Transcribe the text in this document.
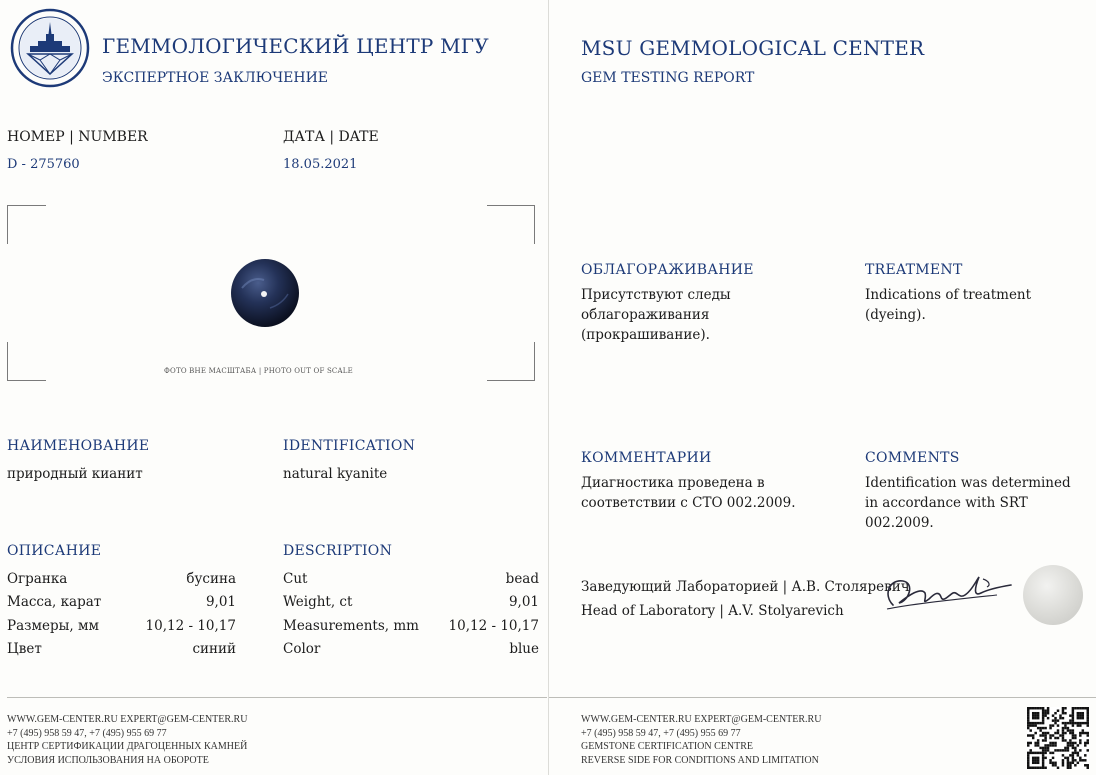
ГЕММОЛОГИЧЕСКИЙ ЦЕНТР МГУ
ЭКСПЕРТНОЕ ЗАКЛЮЧЕНИЕ
НОМЕР | NUMBER
D - 275760
ДАТА | DATE
18.05.2021
ФОТО ВНЕ МАСШТАБА | PHOTO OUT OF SCALE
НАИМЕНОВАНИЕ
природный кианит
IDENTIFICATION
natural kyanite
ОПИСАНИЕ	DESCRIPTION
Огранка	бусина
Масса, карат	9,01
Размеры, мм	10,12 - 10,17
Цвет	синий
Cut	bead
Weight, ct	9,01
Measurements, mm	10,12 - 10,17
Color	blue
WWW.GEM-CENTER.RU EXPERT@GEM-CENTER.RU
+7 (495) 958 59 47, +7 (495) 955 69 77
ЦЕНТР СЕРТИФИКАЦИИ ДРАГОЦЕННЫХ КАМНЕЙ
УСЛОВИЯ ИСПОЛЬЗОВАНИЯ НА ОБОРОТЕ
MSU GEMMOLOGICAL CENTER
GEM TESTING REPORT
ОБЛАГОРАЖИВАНИЕ
Присутствуют следы облагораживания (прокрашивание).
TREATMENT
Indications of treatment (dyeing).
КОММЕНТАРИИ
Диагностика проведена в соответствии с СТО 002.2009.
COMMENTS
Identification was determined in accordance with SRT 002.2009.
Заведующий Лабораторией | А.В. Столяревич
Head of Laboratory | A.V. Stolyarevich
WWW.GEM-CENTER.RU EXPERT@GEM-CENTER.RU
+7 (495) 958 59 47, +7 (495) 955 69 77
GEMSTONE CERTIFICATION CENTRE
REVERSE SIDE FOR CONDITIONS AND LIMITATION
